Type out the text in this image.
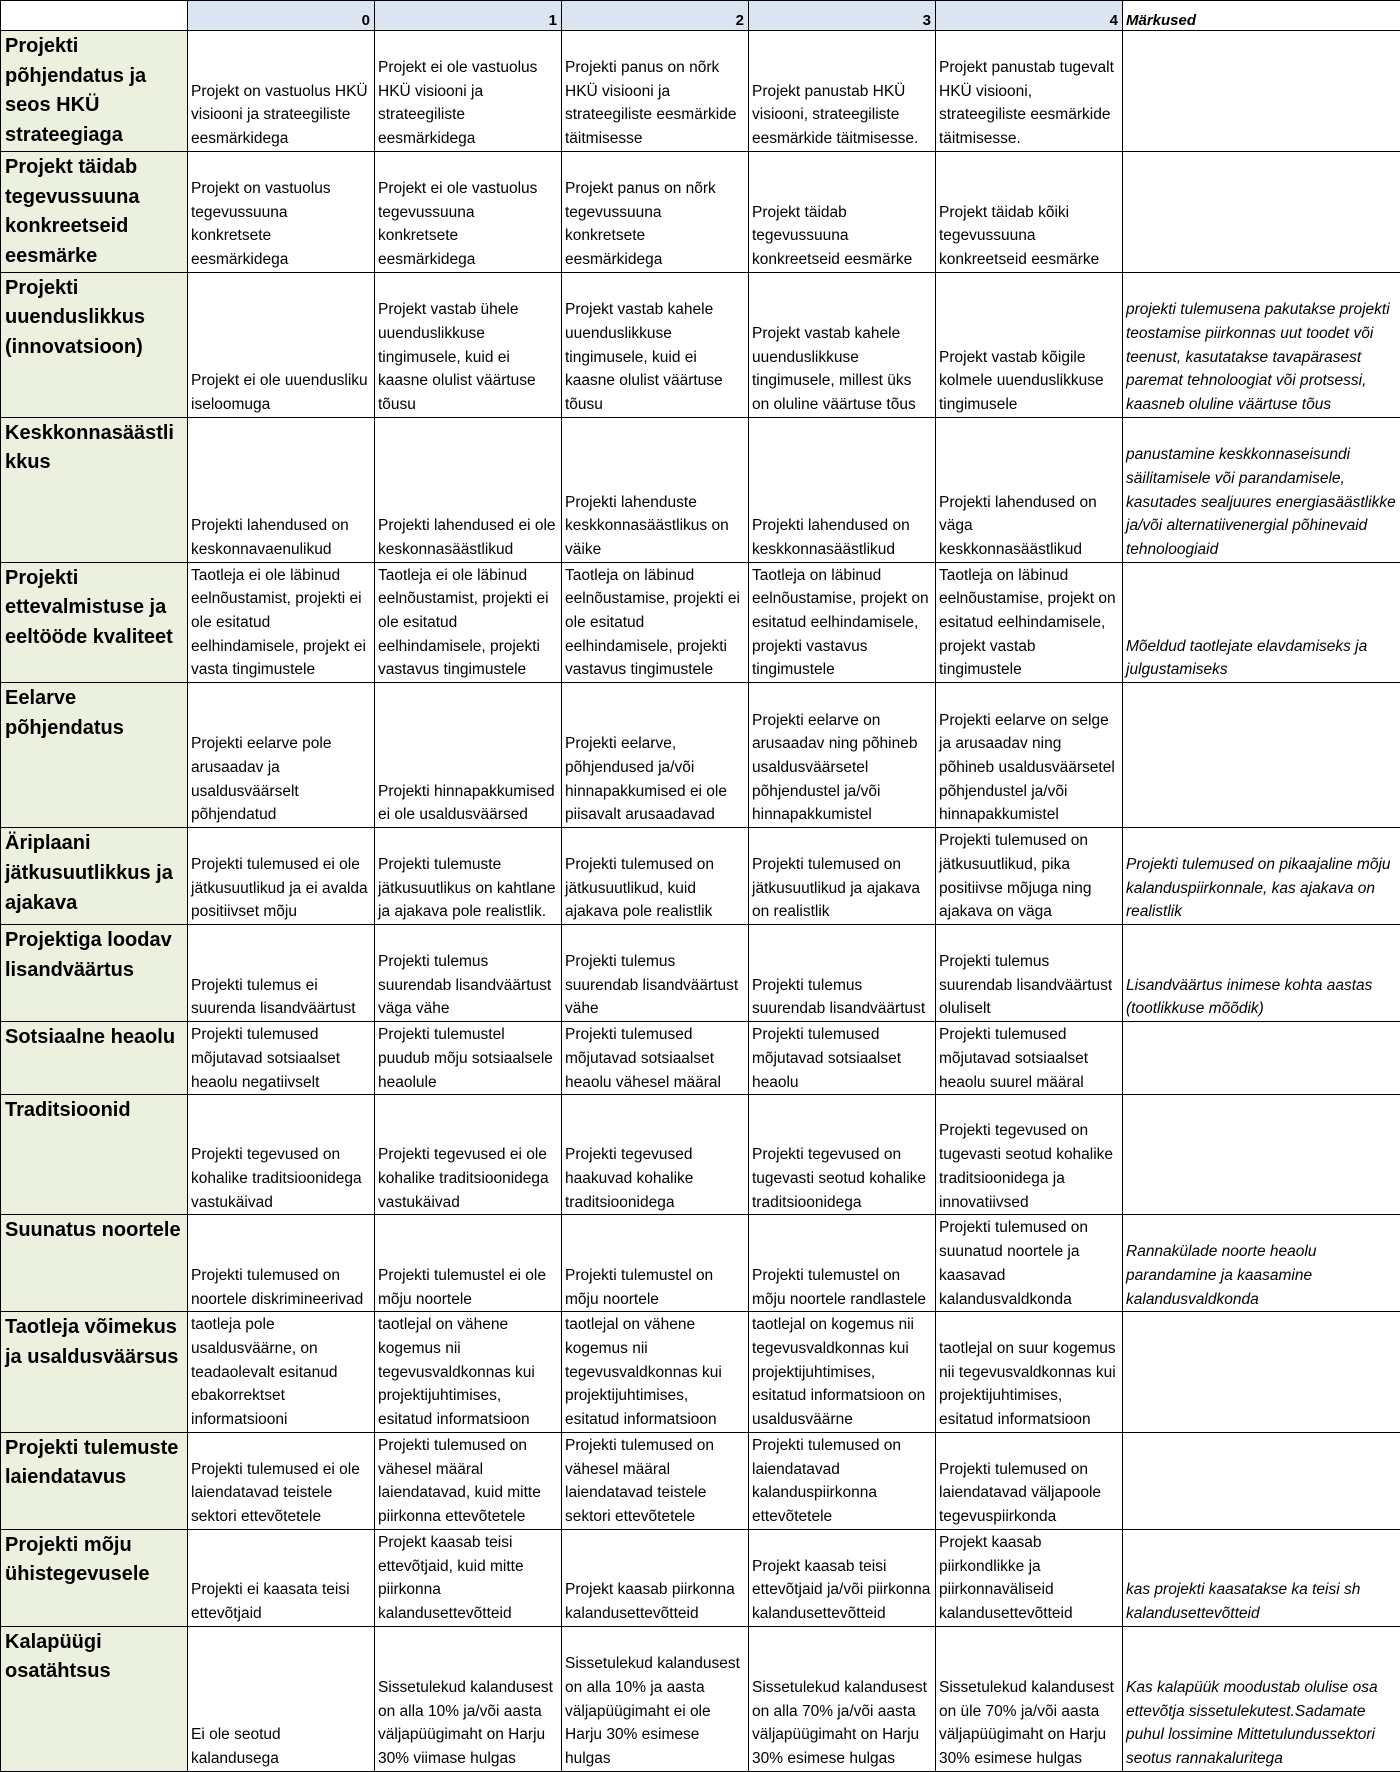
	0	1	2	3	4	Märkused
Projekti põhjendatus ja seos HKÜ strateegiaga	Projekt on vastuolus HKÜ visiooni ja strateegiliste eesmärkidega	Projekt ei ole vastuolus HKÜ visiooni ja strateegiliste eesmärkidega	Projekti panus on nõrk HKÜ visiooni ja strateegiliste eesmärkide täitmisesse	Projekt panustab HKÜ visiooni, strateegiliste eesmärkide täitmisesse.	Projekt panustab tugevalt HKÜ visiooni, strateegiliste eesmärkide täitmisesse.	
Projekt täidab tegevussuuna konkreetseid eesmärke	Projekt on vastuolus tegevussuuna konkretsete eesmärkidega	Projekt ei ole vastuolus tegevussuuna konkretsete eesmärkidega	Projekt panus on nõrk tegevussuuna konkretsete eesmärkidega	Projekt täidab tegevussuuna konkreetseid eesmärke	Projekt täidab kõiki tegevussuuna konkreetseid eesmärke	
Projekti uuenduslikkus (innovatsioon)	Projekt ei ole uuendusliku iseloomuga	Projekt vastab ühele uuenduslikkuse tingimusele, kuid ei kaasne olulist väärtuse tõusu	Projekt vastab kahele uuenduslikkuse tingimusele, kuid ei kaasne olulist väärtuse tõusu	Projekt vastab kahele uuenduslikkuse tingimusele, millest üks on oluline väärtuse tõus	Projekt vastab kõigile kolmele uuenduslikkuse tingimusele	projekti tulemusena pakutakse projekti teostamise piirkonnas uut toodet või teenust, kasutatakse tavapärasest paremat tehnoloogiat või protsessi, kaasneb oluline väärtuse tõus
Keskkonnasäästlikkus	Projekti lahendused on keskonnavaenulikud	Projekti lahendused ei ole keskonnasäästlikud	Projekti lahenduste keskkonnasäästlikus on väike	Projekti lahendused on keskkonnasäästlikud	Projekti lahendused on väga keskkonnasäästlikud	panustamine keskkonnaseisundi säilitamisele või parandamisele, kasutades sealjuures energiasäästlikke ja/või alternatiivenergial põhinevaid tehnoloogiaid
Projekti ettevalmistuse ja eeltööde kvaliteet	Taotleja ei ole läbinud eelnõustamist, projekti ei ole esitatud eelhindamisele, projekt ei vasta tingimustele	Taotleja ei ole läbinud eelnõustamist, projekti ei ole esitatud eelhindamisele, projekti vastavus tingimustele	Taotleja on läbinud eelnõustamise, projekti ei ole esitatud eelhindamisele, projekti vastavus tingimustele	Taotleja on läbinud eelnõustamise, projekt on esitatud eelhindamisele, projekti vastavus tingimustele	Taotleja on läbinud eelnõustamise, projekt on esitatud eelhindamisele, projekt vastab tingimustele	Mõeldud taotlejate elavdamiseks ja julgustamiseks
Eelarve põhjendatus	Projekti eelarve pole arusaadav ja usaldusväärselt põhjendatud	Projekti hinnapakkumised ei ole usaldusväärsed	Projekti eelarve, põhjendused ja/või hinnapakkumised ei ole piisavalt arusaadavad	Projekti eelarve on arusaadav ning põhineb usaldusväärsetel põhjendustel ja/või hinnapakkumistel	Projekti eelarve on selge ja arusaadav ning põhineb usaldusväärsetel põhjendustel ja/või hinnapakkumistel	
Äriplaani jätkusuutlikkus ja ajakava	Projekti tulemused ei ole jätkusuutlikud ja ei avalda positiivset mõju	Projekti tulemuste jätkusuutlikus on kahtlane ja ajakava pole realistlik.	Projekti tulemused on jätkusuutlikud, kuid ajakava pole realistlik	Projekti tulemused on jätkusuutlikud ja ajakava on realistlik	Projekti tulemused on jätkusuutlikud, pika positiivse mõjuga ning ajakava on väga	Projekti tulemused on pikaajaline mõju kalanduspiirkonnale, kas ajakava on realistlik
Projektiga loodav lisandväärtus	Projekti tulemus ei suurenda lisandväärtust	Projekti tulemus suurendab lisandväärtust väga vähe	Projekti tulemus suurendab lisandväärtust vähe	Projekti tulemus suurendab lisandväärtust	Projekti tulemus suurendab lisandväärtust oluliselt	Lisandväärtus inimese kohta aastas (tootlikkuse mõõdik)
Sotsiaalne heaolu	Projekti tulemused mõjutavad sotsiaalset heaolu negatiivselt	Projekti tulemustel puudub mõju sotsiaalsele heaolule	Projekti tulemused mõjutavad sotsiaalset heaolu vähesel määral	Projekti tulemused mõjutavad sotsiaalset heaolu	Projekti tulemused mõjutavad sotsiaalset heaolu suurel määral	
Traditsioonid	Projekti tegevused on kohalike traditsioonidega vastukäivad	Projekti tegevused ei ole kohalike traditsioonidega vastukäivad	Projekti tegevused haakuvad kohalike traditsioonidega	Projekti tegevused on tugevasti seotud kohalike traditsioonidega	Projekti tegevused on tugevasti seotud kohalike traditsioonidega ja innovatiivsed	
Suunatus noortele	Projekti tulemused on noortele diskrimineerivad	Projekti tulemustel ei ole mõju noortele	Projekti tulemustel on mõju noortele	Projekti tulemustel on mõju noortele randlastele	Projekti tulemused on suunatud noortele ja kaasavad kalandusvaldkonda	Rannakülade noorte heaolu parandamine ja kaasamine kalandusvaldkonda
Taotleja võimekus ja usaldusväärsus	taotleja pole usaldusväärne, on teadaolevalt esitanud ebakorrektset informatsiooni	taotlejal on vähene kogemus nii tegevusvaldkonnas kui projektijuhtimises, esitatud informatsioon	taotlejal on vähene kogemus nii tegevusvaldkonnas kui projektijuhtimises, esitatud informatsioon	taotlejal on kogemus nii tegevusvaldkonnas kui projektijuhtimises, esitatud informatsioon on usaldusväärne	taotlejal on suur kogemus nii tegevusvaldkonnas kui projektijuhtimises, esitatud informatsioon	
Projekti tulemuste laiendatavus	Projekti tulemused ei ole laiendatavad teistele sektori ettevõtetele	Projekti tulemused on vähesel määral laiendatavad, kuid mitte piirkonna ettevõtetele	Projekti tulemused on vähesel määral laiendatavad teistele sektori ettevõtetele	Projekti tulemused on laiendatavad kalanduspiirkonna ettevõtetele	Projekti tulemused on laiendatavad väljapoole tegevuspiirkonda	
Projekti mõju ühistegevusele	Projekti ei kaasata teisi ettevõtjaid	Projekt kaasab teisi ettevõtjaid, kuid mitte piirkonna kalandusettevõtteid	Projekt kaasab piirkonna kalandusettevõtteid	Projekt kaasab teisi ettevõtjaid ja/või piirkonna kalandusettevõtteid	Projekt kaasab piirkondlikke ja piirkonnaväliseid kalandusettevõtteid	kas projekti kaasatakse ka teisi sh kalandusettevõtteid
Kalapüügi osatähtsus	Ei ole seotud kalandusega	Sissetulekud kalandusest on alla 10% ja/või aasta väljapüügimaht on Harju 30% viimase hulgas	Sissetulekud kalandusest on alla 10% ja aasta väljapüügimaht ei ole Harju 30% esimese hulgas	Sissetulekud kalandusest on alla 70% ja/või aasta väljapüügimaht on Harju 30% esimese hulgas	Sissetulekud kalandusest on üle 70% ja/või aasta väljapüügimaht on Harju 30% esimese hulgas	Kas kalapüük moodustab olulise osa ettevõtja sissetulekutest.Sadamate puhul lossimine Mittetulundussektori seotus rannakaluritega
